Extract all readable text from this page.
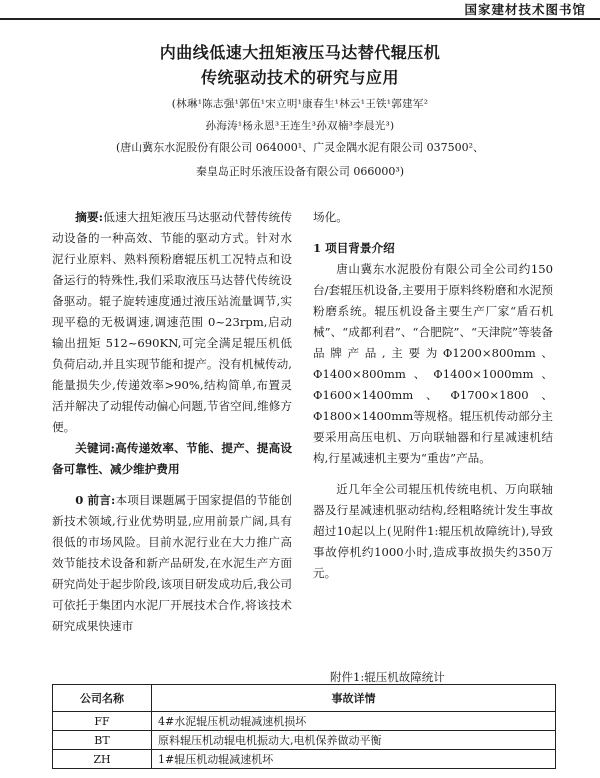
国家建材技术图书馆
内曲线低速大扭矩液压马达替代辊压机
传统驱动技术的研究与应用
(林琳¹陈志强¹郭伍¹宋立明¹康春生¹林云¹王铁¹郭建军²
孙海涛¹杨永恩³王连生³孙双楠³李晨光³)
(唐山冀东水泥股份有限公司 064000¹、广灵金隅水泥有限公司 037500²、
秦皇岛正时乐液压设备有限公司 066000³)

摘要:低速大扭矩液压马达驱动代替传统传动设备的一种高效、节能的驱动方式。针对水泥行业原料、熟料预粉磨辊压机工况特点和设备运行的特殊性,我们采取液压马达替代传统设备驱动。辊子旋转速度通过液压站流量调节,实现平稳的无极调速,调速范围 0~23rpm,启动输出扭矩 512~690KN,可完全满足辊压机低负荷启动,并且实现节能和提产。没有机械传动,能量损失少,传递效率>90%,结构简单,布置灵活并解决了动辊传动偏心问题,节省空间,维修方便。

关键词:高传递效率、节能、提产、提高设备可靠性、减少维护费用

0 前言:本项目课题属于国家提倡的节能创新技术领域,行业优势明显,应用前景广阔,具有很低的市场风险。目前水泥行业在大力推广高效节能技术设备和新产品研发,在水泥生产方面研究尚处于起步阶段,该项目研发成功后,我公司可依托于集团内水泥厂开展技术合作,将该技术研究成果快速市

场化。

1 项目背景介绍

唐山冀东水泥股份有限公司全公司约150台/套辊压机设备,主要用于原料终粉磨和水泥预粉磨系统。辊压机设备主要生产厂家“盾石机械”、“成都利君”、“合肥院”、“天津院”等装备品牌产品,主要为Φ1200×800mm、Φ1400×800mm、Φ1400×1000mm、Φ1600×1400mm、Φ1700×1800、Φ1800×1400mm等规格。辊压机传动部分主要采用高压电机、万向联轴器和行星减速机结构,行星减速机主要为“重齿”产品。

近几年全公司辊压机传统电机、万向联轴器及行星减速机驱动结构,经粗略统计发生事故超过10起以上(见附件1:辊压机故障统计),导致事故停机约1000小时,造成事故损失约350万元。

附件1:辊压机故障统计
公司名称	事故详情
FF	4#水泥辊压机动辊减速机损坏
BT	原料辊压机动辊电机振动大,电机保养做动平衡
ZH	1#辊压机动辊减速机坏
